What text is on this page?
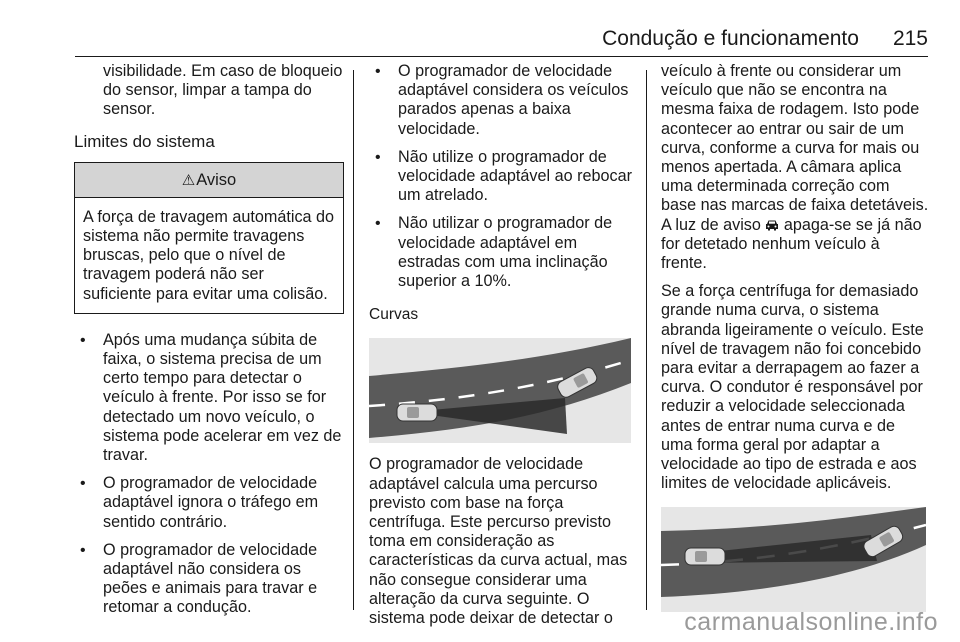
Condução e funcionamento 215

visibilidade. Em caso de bloqueio do sensor, limpar a tampa do sensor.

Limites do sistema

⚠Aviso
A força de travagem automática do sistema não permite travagens bruscas, pelo que o nível de travagem poderá não ser suficiente para evitar uma colisão.
• Após uma mudança súbita de faixa, o sistema precisa de um certo tempo para detectar o veículo à frente. Por isso se for detectado um novo veículo, o sistema pode acelerar em vez de travar.
• O programador de velocidade adaptável ignora o tráfego em sentido contrário.
• O programador de velocidade adaptável não considera os peões e animais para travar e retomar a condução.
• O programador de velocidade adaptável considera os veículos parados apenas a baixa velocidade.
• Não utilize o programador de velocidade adaptável ao rebocar um atrelado.
• Não utilizar o programador de velocidade adaptável em estradas com uma inclinação superior a 10%.

Curvas

O programador de velocidade adaptável calcula uma percurso previsto com base na força centrífuga. Este percurso previsto toma em consideração as características da curva actual, mas não consegue considerar uma alteração da curva seguinte. O sistema pode deixar de detectar o

veículo à frente ou considerar um veículo que não se encontra na mesma faixa de rodagem. Isto pode acontecer ao entrar ou sair de um curva, conforme a curva for mais ou menos apertada. A câmara aplica uma determinada correção com base nas marcas de faixa detetáveis. A luz de aviso apaga-se se já não for detetado nenhum veículo à frente.

Se a força centrífuga for demasiado grande numa curva, o sistema abranda ligeiramente o veículo. Este nível de travagem não foi concebido para evitar a derrapagem ao fazer a curva. O condutor é responsável por reduzir a velocidade seleccionada antes de entrar numa curva e de uma forma geral por adaptar a velocidade ao tipo de estrada e aos limites de velocidade aplicáveis.

carmanualsonline.info
